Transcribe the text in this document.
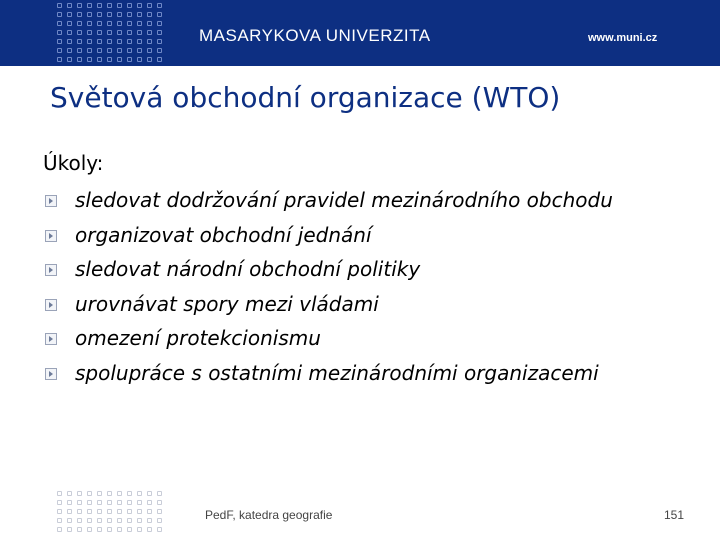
MASARYKOVA UNIVERZITA	www.muni.cz
Světová obchodní organizace (WTO)
Úkoly:
sledovat dodržování pravidel mezinárodního obchodu
organizovat obchodní jednání
sledovat národní obchodní politiky
urovnávat spory mezi vládami
omezení protekcionismu
spolupráce s ostatními mezinárodními organizacemi
PedF, katedra geografie	151
